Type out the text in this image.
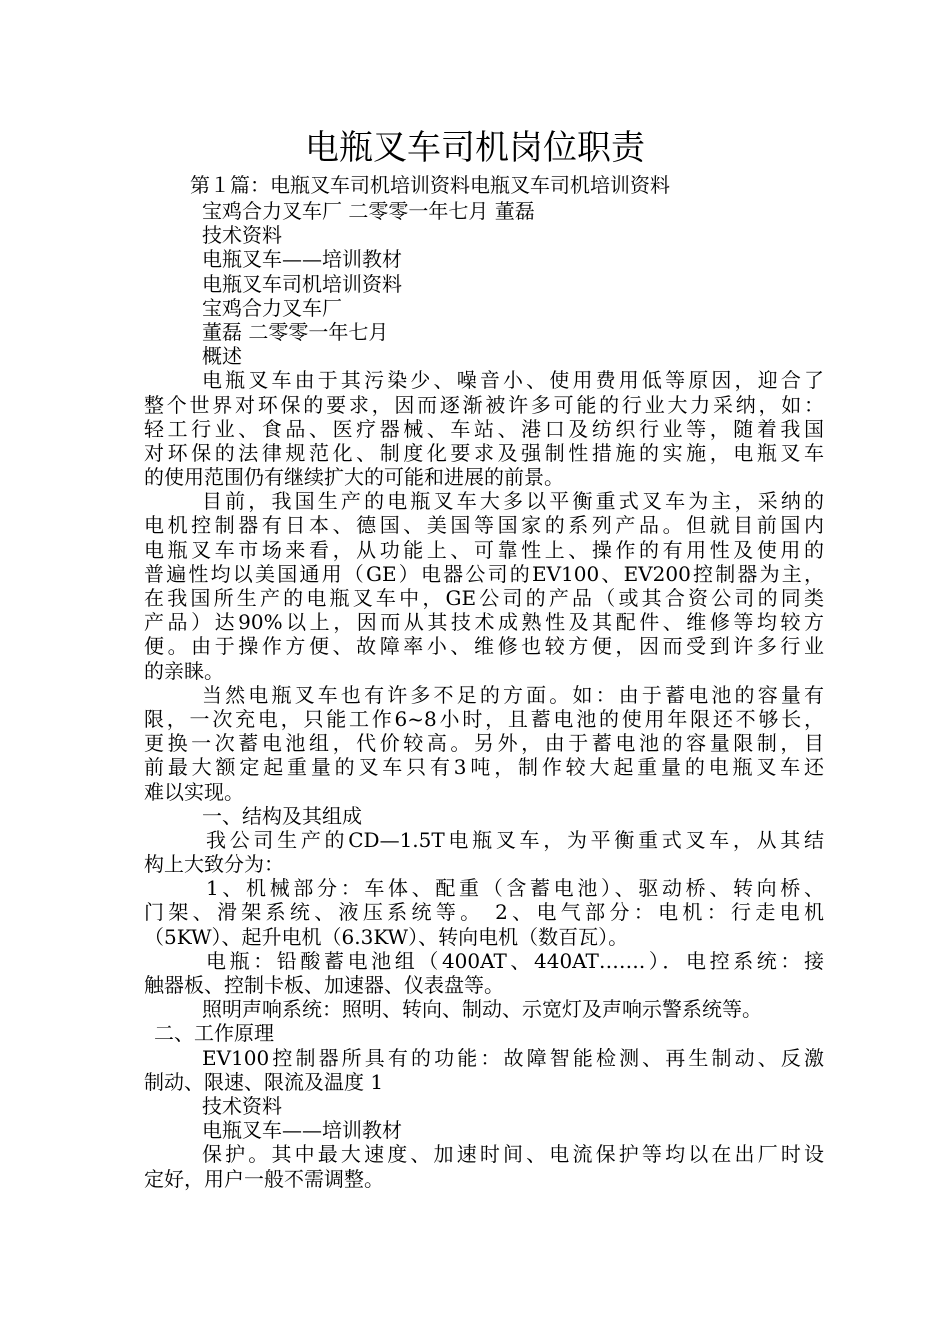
电瓶叉车司机岗位职责
第１篇：电瓶叉车司机培训资料电瓶叉车司机培训资料
宝鸡合力叉车厂 二零零一年七月 董磊
技术资料
电瓶叉车——培训教材
电瓶叉车司机培训资料
宝鸡合力叉车厂
董磊 二零零一年七月
概述
电瓶叉车由于其污染少、噪音小、使用费用低等原因，迎合了
整个世界对环保的要求，因而逐渐被许多可能的行业大力采纳，如：
轻工行业、食品、医疗器械、车站、港口及纺织行业等，随着我国
对环保的法律规范化、制度化要求及强制性措施的实施，电瓶叉车
的使用范围仍有继续扩大的可能和进展的前景。
目前，我国生产的电瓶叉车大多以平衡重式叉车为主，采纳的
电机控制器有日本、德国、美国等国家的系列产品。但就目前国内
电瓶叉车市场来看，从功能上、可靠性上、操作的有用性及使用的
普遍性均以美国通用（GE）电器公司的EV100、EV200控制器为主，
在我国所生产的电瓶叉车中，GE公司的产品（或其合资公司的同类
产品）达90%以上，因而从其技术成熟性及其配件、维修等均较方
便。由于操作方便、故障率小、维修也较方便，因而受到许多行业
的亲睐。
当然电瓶叉车也有许多不足的方面。如：由于蓄电池的容量有
限，一次充电，只能工作6~8小时，且蓄电池的使用年限还不够长，
更换一次蓄电池组，代价较高。另外，由于蓄电池的容量限制，目
前最大额定起重量的叉车只有3吨，制作较大起重量的电瓶叉车还
难以实现。
一、结构及其组成
我公司生产的CD—1.5T电瓶叉车，为平衡重式叉车，从其结
构上大致分为：
1、机械部分：车体、配重（含蓄电池）、驱动桥、转向桥、
门架、滑架系统、液压系统等。 2、电气部分：电机：行走电机
（5KW）、起升电机（6.3KW）、转向电机（数百瓦）。
电瓶：铅酸蓄电池组（400AT、440AT…….）．电控系统：接
触器板、控制卡板、加速器、仪表盘等。
照明声响系统：照明、转向、制动、示宽灯及声响示警系统等。
二、工作原理
EV100控制器所具有的功能：故障智能检测、再生制动、反激
制动、限速、限流及温度 1
技术资料
电瓶叉车——培训教材
保护。其中最大速度、加速时间、电流保护等均以在出厂时设
定好，用户一般不需调整。
